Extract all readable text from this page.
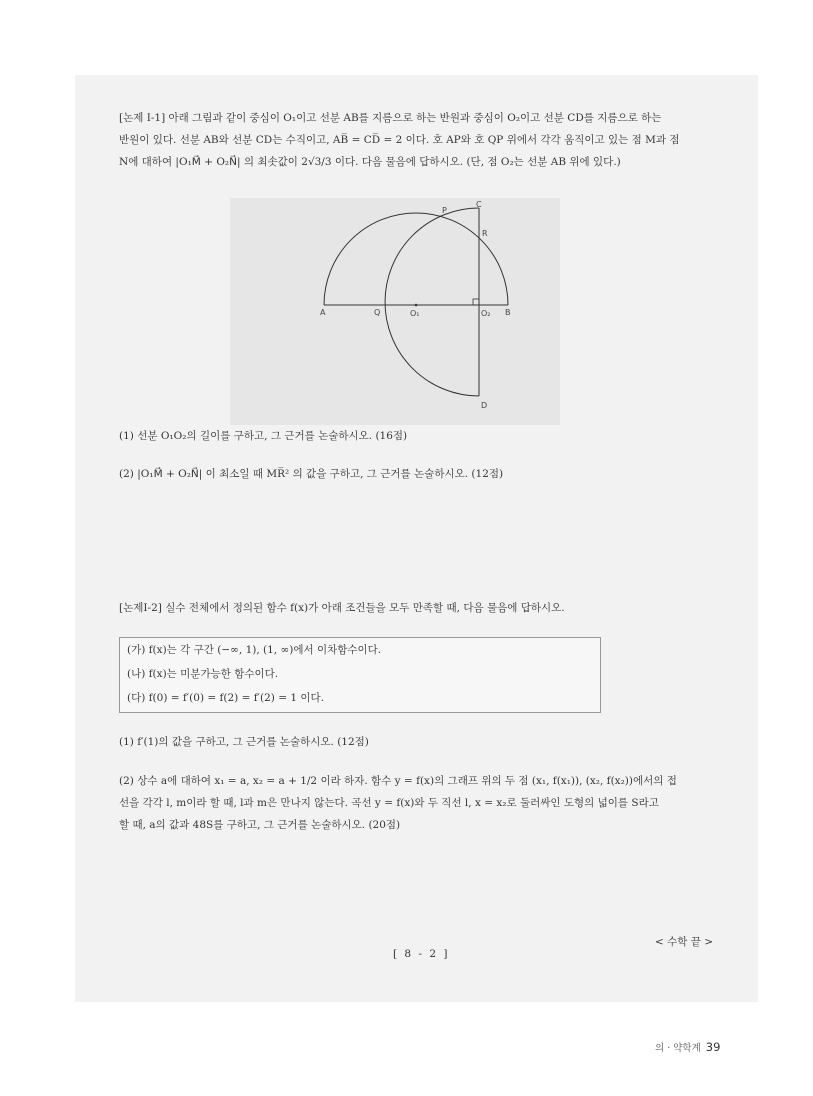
[논제 Ⅰ-1] 아래 그림과 같이 중심이 O₁이고 선분 AB를 지름으로 하는 반원과 중심이 O₂이고 선분 CD를 지름으로 하는
반원이 있다. 선분 AB와 선분 CD는 수직이고, AB̅ = CD̅ = 2 이다. 호 AP와 호 QP 위에서 각각 움직이고 있는 점 M과 점
N에 대하여 |O₁M⃗ + O₂N⃗| 의 최솟값이 2√3/3 이다. 다음 물음에 답하시오. (단, 점 O₂는 선분 AB 위에 있다.)
A	B
C
D
P
Q
R
O₁	O₂
(1) 선분 O₁O₂의 길이를 구하고, 그 근거를 논술하시오. (16점)
(2) |O₁M⃗ + O₂N⃗| 이 최소일 때 MR̅² 의 값을 구하고, 그 근거를 논술하시오. (12점)
[논제Ⅰ-2] 실수 전체에서 정의된 함수 f(x)가 아래 조건들을 모두 만족할 때, 다음 물음에 답하시오.
(가) f(x)는 각 구간 (−∞, 1), (1, ∞)에서 이차함수이다.
(나) f(x)는 미분가능한 함수이다.
(다) f(0) = f′(0) = f(2) = f′(2) = 1 이다.
(1) f′(1)의 값을 구하고, 그 근거를 논술하시오. (12점)
(2) 상수 a에 대하여 x₁ = a, x₂ = a + 1/2 이라 하자. 함수 y = f(x)의 그래프 위의 두 점 (x₁, f(x₁)), (x₂, f(x₂))에서의 접
선을 각각 l, m이라 할 때, l과 m은 만나지 않는다. 곡선 y = f(x)와 두 직선 l, x = x₂로 둘러싸인 도형의 넓이를 S라고
할 때, a의 값과 48S를 구하고, 그 근거를 논술하시오. (20점)
< 수학 끝 >
[ 8 - 2 ]
의 · 약학계 39
